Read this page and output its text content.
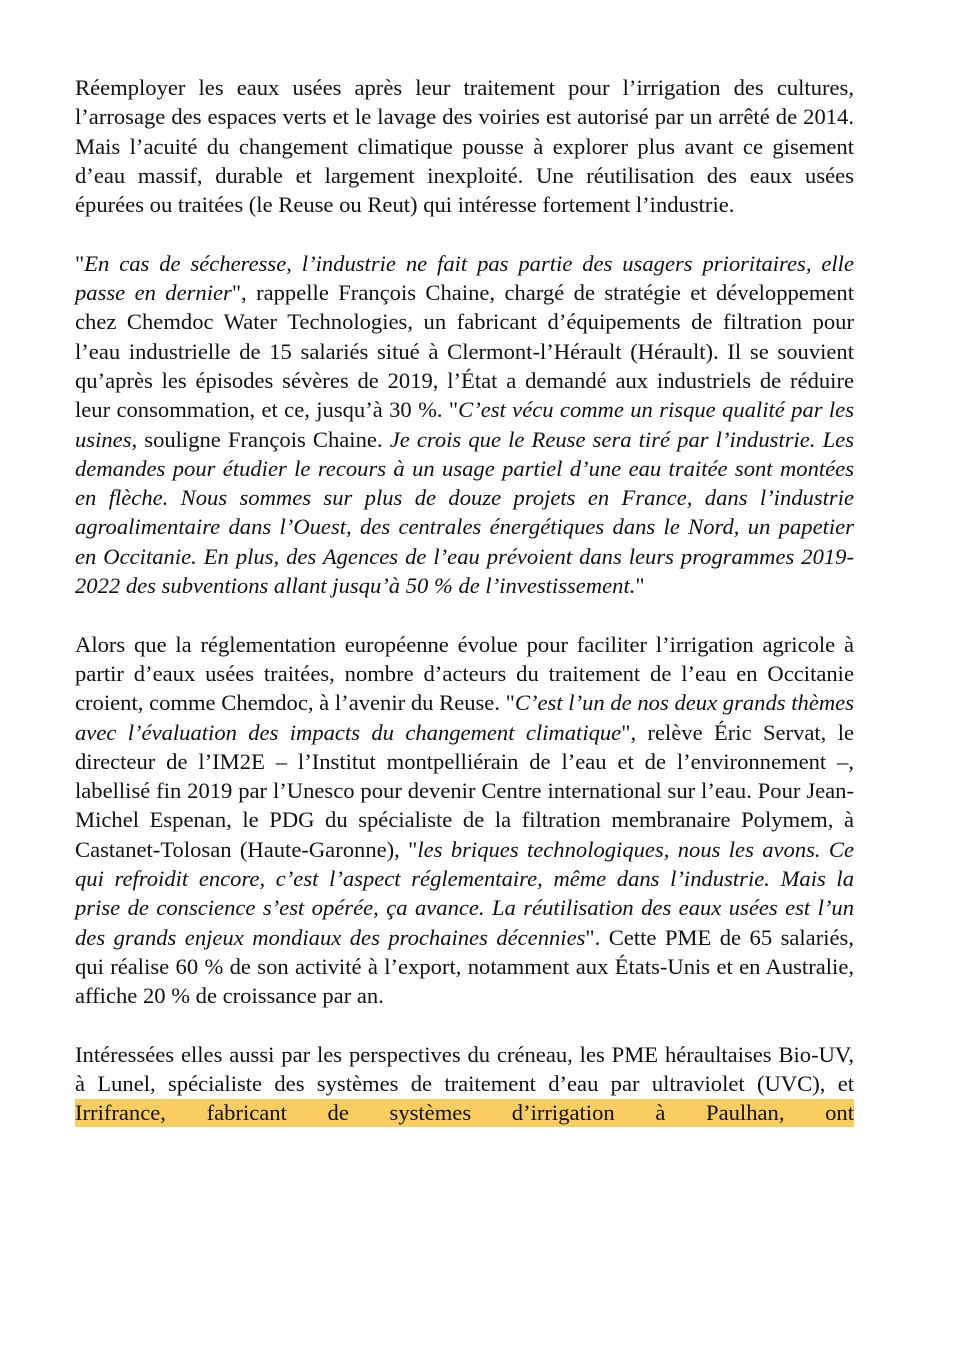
Réemployer les eaux usées après leur traitement pour l’irrigation des cultures, l’arrosage des espaces verts et le lavage des voiries est autorisé par un arrêté de 2014. Mais l’acuité du changement climatique pousse à explorer plus avant ce gisement d’eau massif, durable et largement inexploité. Une réutilisation des eaux usées épurées ou traitées (le Reuse ou Reut) qui intéresse fortement l’industrie.

"En cas de sécheresse, l’industrie ne fait pas partie des usagers prioritaires, elle passe en dernier", rappelle François Chaine, chargé de stratégie et développement chez Chemdoc Water Technologies, un fabricant d’équipements de filtration pour l’eau industrielle de 15 salariés situé à Clermont-l’Hérault (Hérault). Il se souvient qu’après les épisodes sévères de 2019, l’État a demandé aux industriels de réduire leur consommation, et ce, jusqu’à 30 %. "C’est vécu comme un risque qualité par les usines, souligne François Chaine. Je crois que le Reuse sera tiré par l’industrie. Les demandes pour étudier le recours à un usage partiel d’une eau traitée sont montées en flèche. Nous sommes sur plus de douze projets en France, dans l’industrie agroalimentaire dans l’Ouest, des centrales énergétiques dans le Nord, un papetier en Occitanie. En plus, des Agences de l’eau prévoient dans leurs programmes 2019-2022 des subventions allant jusqu’à 50 % de l’investissement."

Alors que la réglementation européenne évolue pour faciliter l’irrigation agricole à partir d’eaux usées traitées, nombre d’acteurs du traitement de l’eau en Occitanie croient, comme Chemdoc, à l’avenir du Reuse. "C’est l’un de nos deux grands thèmes avec l’évaluation des impacts du changement climatique", relève Éric Servat, le directeur de l’IM2E – l’Institut montpelliérain de l’eau et de l’environnement –, labellisé fin 2019 par l’Unesco pour devenir Centre international sur l’eau. Pour Jean-Michel Espenan, le PDG du spécialiste de la filtration membranaire Polymem, à Castanet-Tolosan (Haute-Garonne), "les briques technologiques, nous les avons. Ce qui refroidit encore, c’est l’aspect réglementaire, même dans l’industrie. Mais la prise de conscience s’est opérée, ça avance. La réutilisation des eaux usées est l’un des grands enjeux mondiaux des prochaines décennies". Cette PME de 65 salariés, qui réalise 60 % de son activité à l’export, notamment aux États-Unis et en Australie, affiche 20 % de croissance par an.

Intéressées elles aussi par les perspectives du créneau, les PME héraultaises Bio-UV, à Lunel, spécialiste des systèmes de traitement d’eau par ultraviolet (UVC), et Irrifrance, fabricant de systèmes d’irrigation à Paulhan, ont
